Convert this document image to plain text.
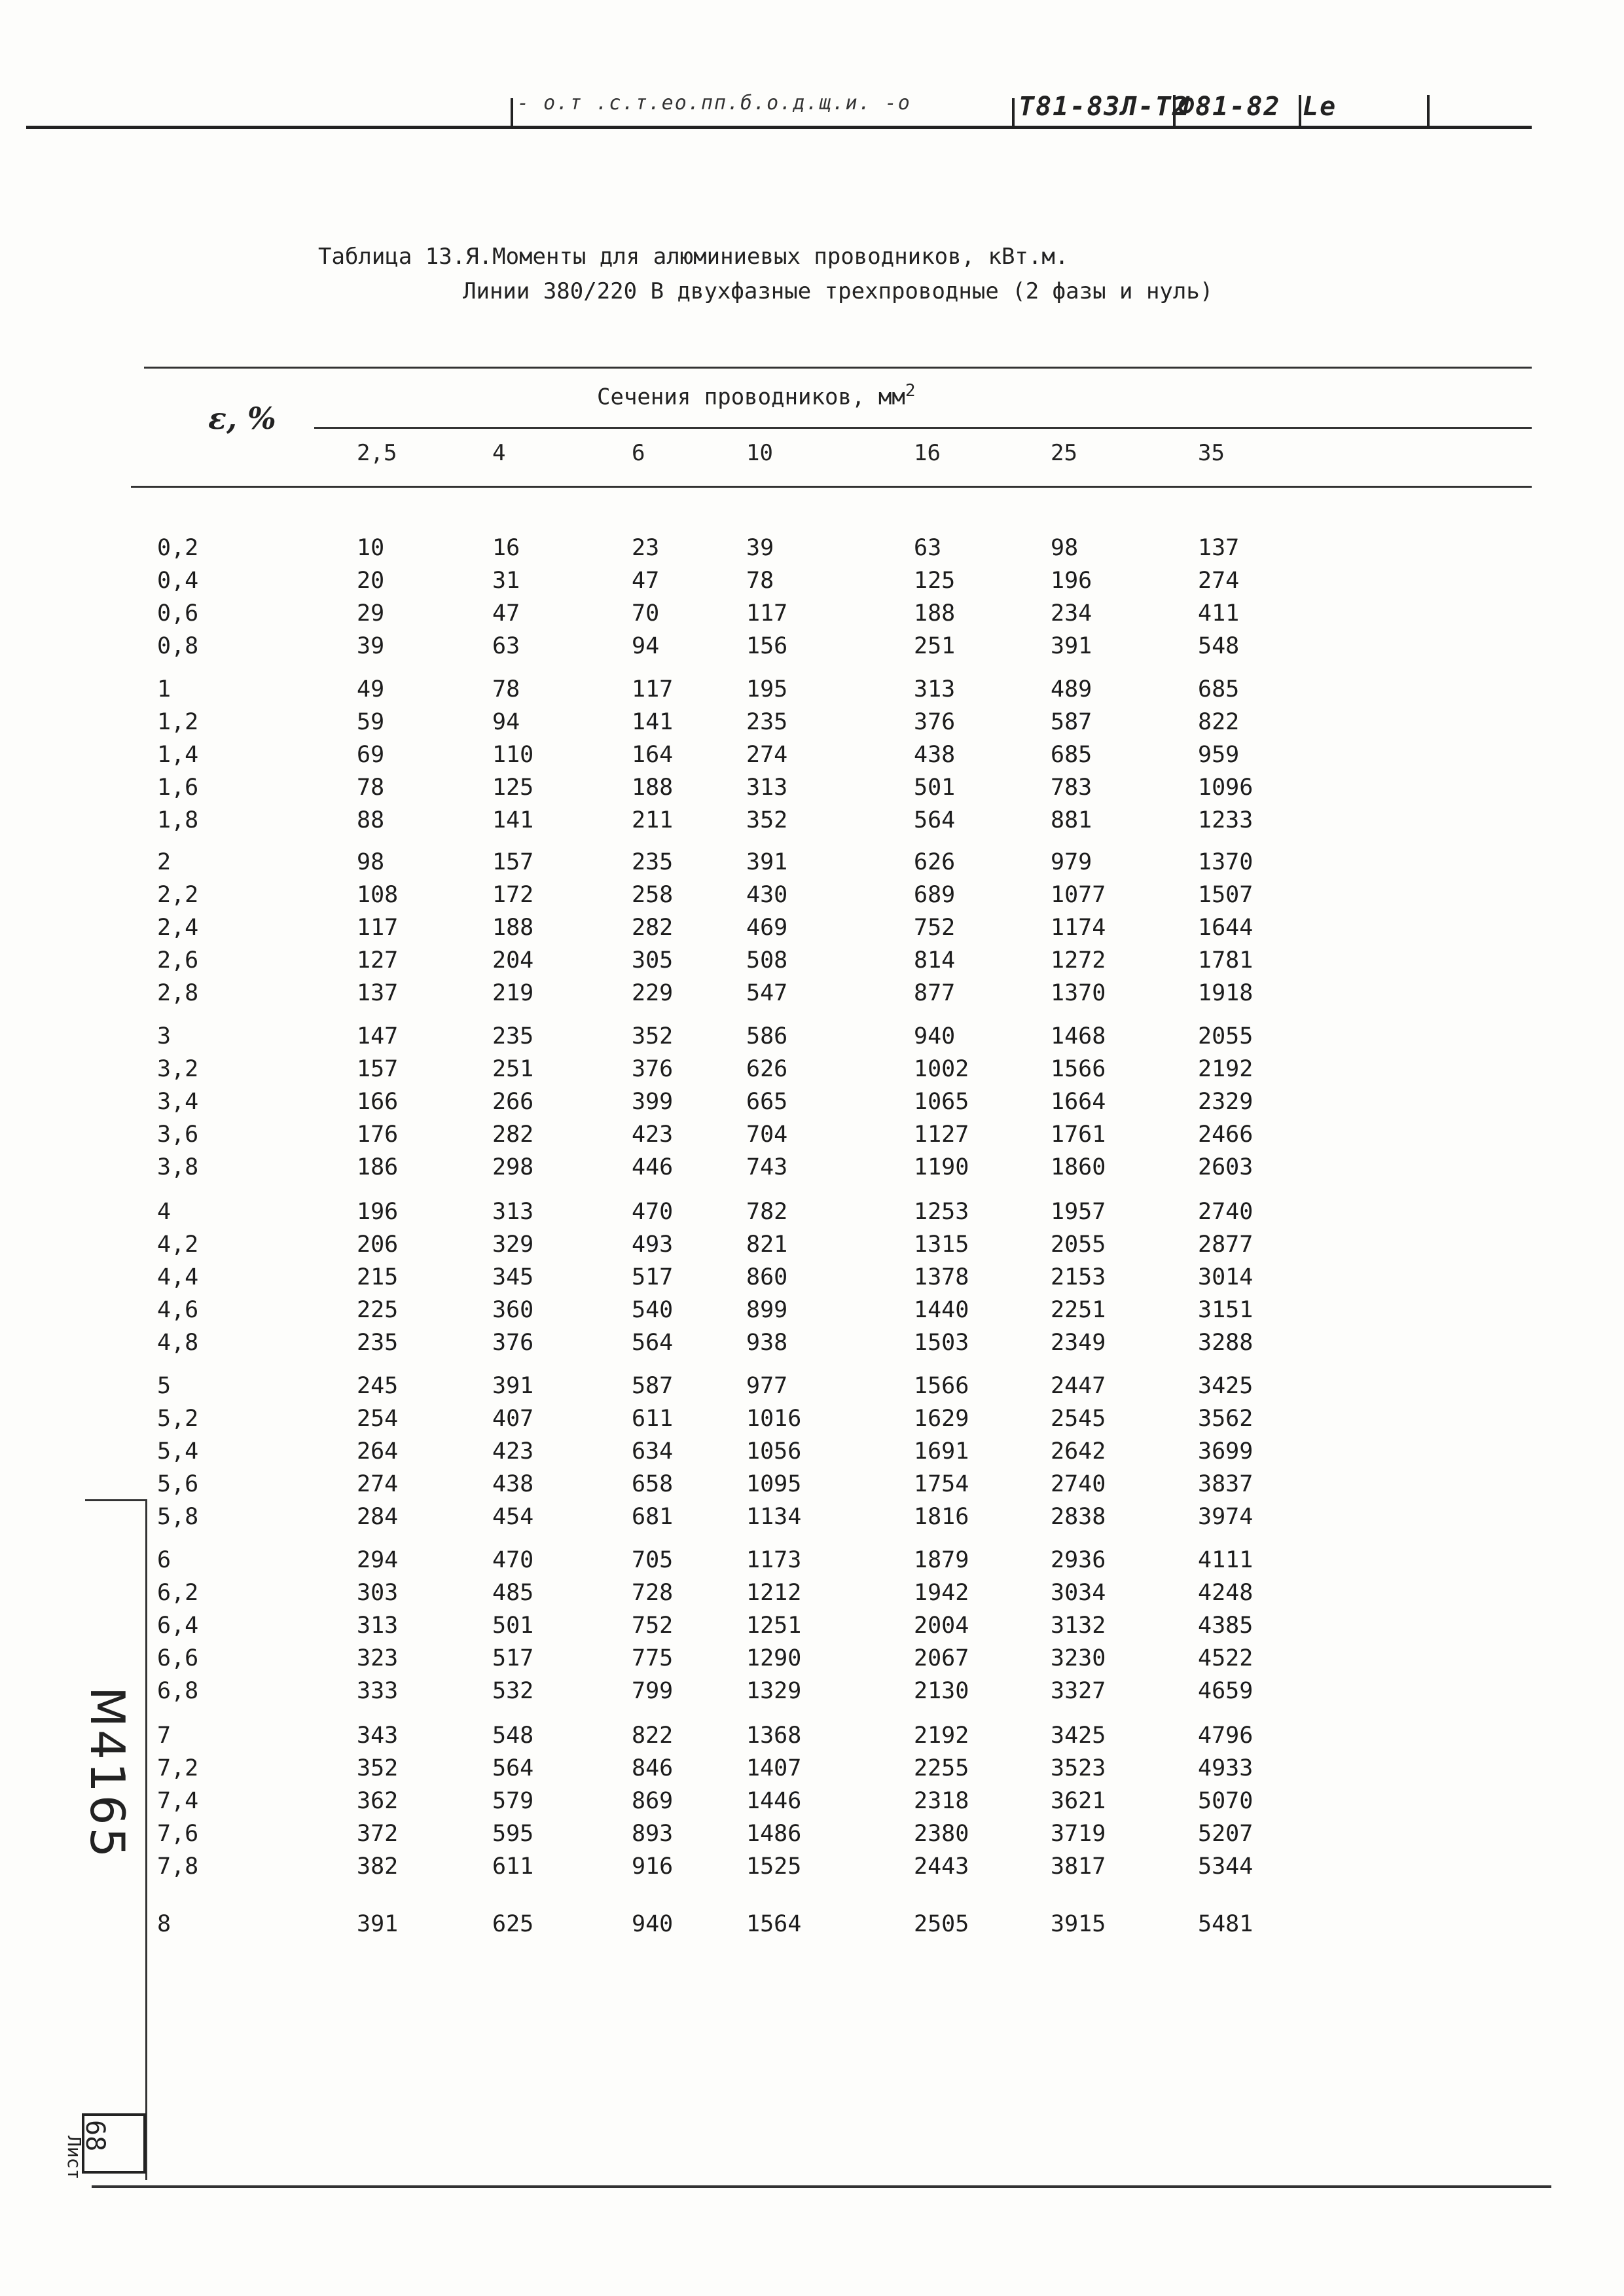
- о.т .с.т.ео.пп.б.о.д.щ.и. -о	Т81-83Л-Т2
Ф81-82 Lе
Таблица 13.Я.Моменты для алюминиевых проводников, кВт.м.
Линии 380/220 В двухфазные трехпроводные (2 фазы и нуль)
ε, %
Сечения проводников, $мм^2$
2,5	4	6	10	16	25	35
0,2	10	16	23	39	63	98	137
0,4	20	31	47	78	125	196	274
0,6	29	47	70	117	188	234	411
0,8	39	63	94	156	251	391	548
1	49	78	117	195	313	489	685
1,2	59	94	141	235	376	587	822
1,4	69	110	164	274	438	685	959
1,6	78	125	188	313	501	783	1096
1,8	88	141	211	352	564	881	1233
2	98	157	235	391	626	979	1370
2,2	108	172	258	430	689	1077	1507
2,4	117	188	282	469	752	1174	1644
2,6	127	204	305	508	814	1272	1781
2,8	137	219	229	547	877	1370	1918
3	147	235	352	586	940	1468	2055
3,2	157	251	376	626	1002	1566	2192
3,4	166	266	399	665	1065	1664	2329
3,6	176	282	423	704	1127	1761	2466
3,8	186	298	446	743	1190	1860	2603
4	196	313	470	782	1253	1957	2740
4,2	206	329	493	821	1315	2055	2877
4,4	215	345	517	860	1378	2153	3014
4,6	225	360	540	899	1440	2251	3151
4,8	235	376	564	938	1503	2349	3288
5	245	391	587	977	1566	2447	3425
5,2	254	407	611	1016	1629	2545	3562
5,4	264	423	634	1056	1691	2642	3699
5,6	274	438	658	1095	1754	2740	3837
5,8	284	454	681	1134	1816	2838	3974
6	294	470	705	1173	1879	2936	4111
6,2	303	485	728	1212	1942	3034	4248
6,4	313	501	752	1251	2004	3132	4385
6,6	323	517	775	1290	2067	3230	4522
6,8	333	532	799	1329	2130	3327	4659
7	343	548	822	1368	2192	3425	4796
7,2	352	564	846	1407	2255	3523	4933
7,4	362	579	869	1446	2318	3621	5070
7,6	372	595	893	1486	2380	3719	5207
7,8	382	611	916	1525	2443	3817	5344
8	391	625	940	1564	2505	3915	5481
М4165
Лист
68
